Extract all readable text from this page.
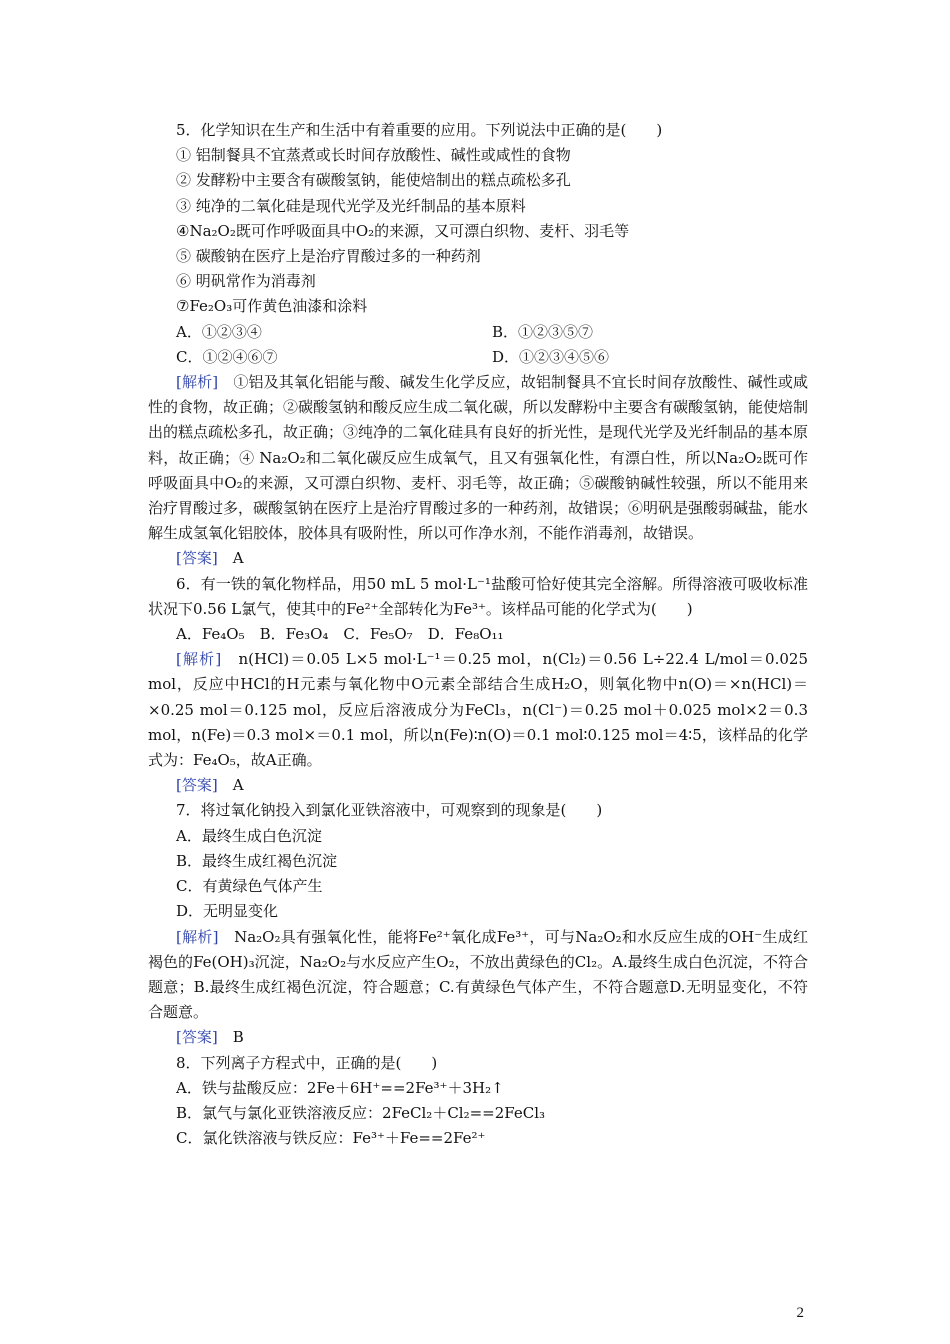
5．化学知识在生产和生活中有着重要的应用。下列说法中正确的是(　　)

① 铝制餐具不宜蒸煮或长时间存放酸性、碱性或咸性的食物

② 发酵粉中主要含有碳酸氢钠，能使焙制出的糕点疏松多孔

③ 纯净的二氧化硅是现代光学及光纤制品的基本原料

④Na₂O₂既可作呼吸面具中O₂的来源，又可漂白织物、麦杆、羽毛等

⑤ 碳酸钠在医疗上是治疗胃酸过多的一种药剂

⑥ 明矾常作为消毒剂

⑦Fe₂O₃可作黄色油漆和涂料

A．①②③④	B．①②③⑤⑦
C．①②④⑥⑦	D．①②③④⑤⑥

[解析]　①铝及其氧化铝能与酸、碱发生化学反应，故铝制餐具不宜长时间存放酸性、碱性或咸性的食物，故正确；②碳酸氢钠和酸反应生成二氧化碳，所以发酵粉中主要含有碳酸氢钠，能使焙制出的糕点疏松多孔，故正确；③纯净的二氧化硅具有良好的折光性，是现代光学及光纤制品的基本原料，故正确；④ Na₂O₂和二氧化碳反应生成氧气，且又有强氧化性，有漂白性，所以Na₂O₂既可作呼吸面具中O₂的来源，又可漂白织物、麦杆、羽毛等，故正确；⑤碳酸钠碱性较强，所以不能用来治疗胃酸过多，碳酸氢钠在医疗上是治疗胃酸过多的一种药剂，故错误；⑥明矾是强酸弱碱盐，能水解生成氢氧化铝胶体，胶体具有吸附性，所以可作净水剂，不能作消毒剂，故错误。

[答案]　A

6．有一铁的氧化物样品，用50 mL 5 mol·L⁻¹盐酸可恰好使其完全溶解。所得溶液可吸收标准状况下0.56 L氯气，使其中的Fe²⁺全部转化为Fe³⁺。该样品可能的化学式为(　　)

A．Fe₄O₅　B．Fe₃O₄　C．Fe₅O₇　D．Fe₈O₁₁

[解析]　n(HCl)＝0.05 L×5 mol·L⁻¹＝0.25 mol，n(Cl₂)＝0.56 L÷22.4 L/mol＝0.025 mol，反应中HCl的H元素与氧化物中O元素全部结合生成H₂O，则氧化物中n(O)＝×n(HCl)＝×0.25 mol＝0.125 mol，反应后溶液成分为FeCl₃，n(Cl⁻)＝0.25 mol＋0.025 mol×2＝0.3 mol，n(Fe)＝0.3 mol×＝0.1 mol，所以n(Fe)∶n(O)＝0.1 mol∶0.125 mol＝4∶5，该样品的化学式为：Fe₄O₅，故A正确。

[答案]　A

7．将过氧化钠投入到氯化亚铁溶液中，可观察到的现象是(　　)

A．最终生成白色沉淀

B．最终生成红褐色沉淀

C．有黄绿色气体产生

D．无明显变化

[解析]　Na₂O₂具有强氧化性，能将Fe²⁺氧化成Fe³⁺，可与Na₂O₂和水反应生成的OH⁻生成红褐色的Fe(OH)₃沉淀，Na₂O₂与水反应产生O₂，不放出黄绿色的Cl₂。A.最终生成白色沉淀，不符合题意；B.最终生成红褐色沉淀，符合题意；C.有黄绿色气体产生，不符合题意D.无明显变化，不符合题意。

[答案]　B

8．下列离子方程式中，正确的是(　　)

A．铁与盐酸反应：2Fe＋6H⁺==2Fe³⁺＋3H₂↑

B．氯气与氯化亚铁溶液反应：2FeCl₂＋Cl₂==2FeCl₃

C．氯化铁溶液与铁反应：Fe³⁺＋Fe==2Fe²⁺

2
